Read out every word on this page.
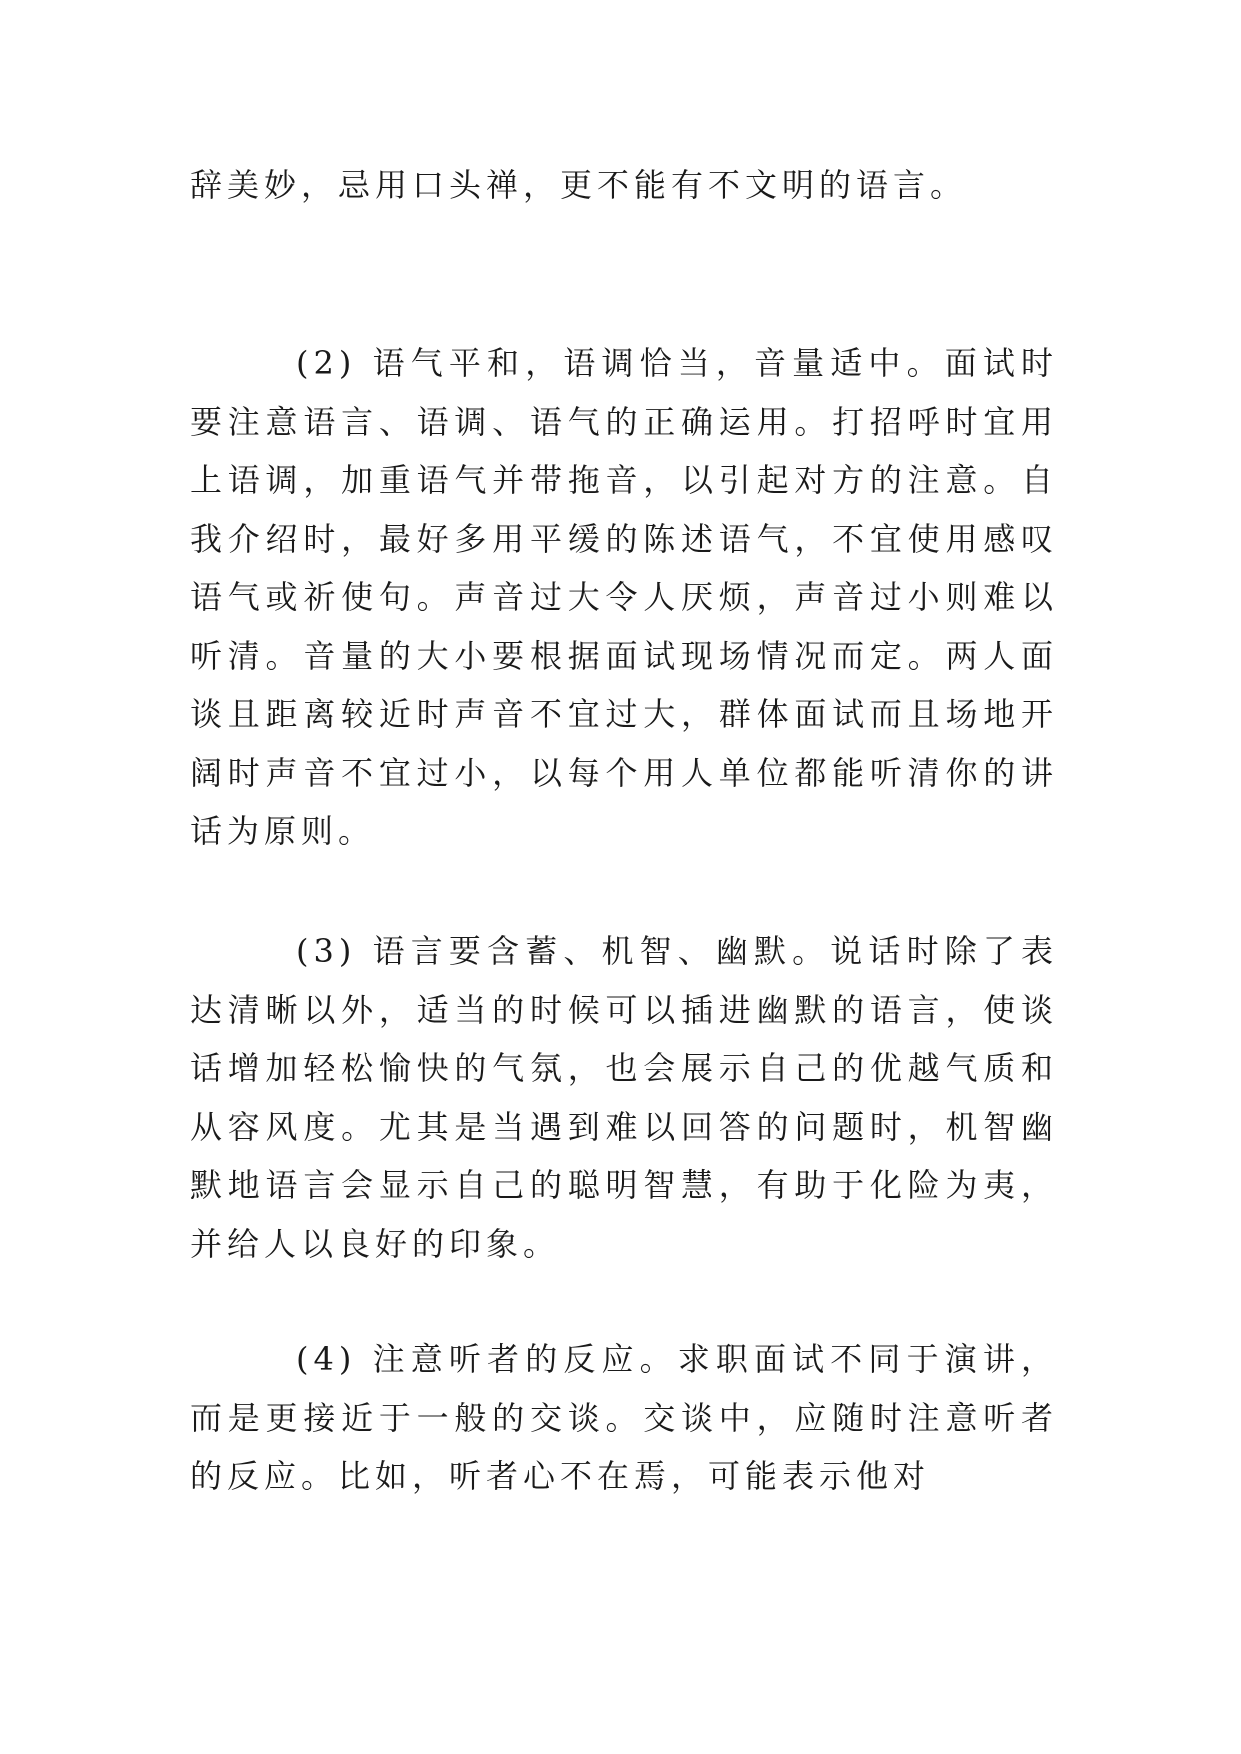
辞美妙，忌用口头禅，更不能有不文明的语言。

(2) 语气平和，语调恰当，音量适中。面试时要注意语言、语调、语气的正确运用。打招呼时宜用上语调，加重语气并带拖音，以引起对方的注意。自我介绍时，最好多用平缓的陈述语气，不宜使用感叹语气或祈使句。声音过大令人厌烦，声音过小则难以听清。音量的大小要根据面试现场情况而定。两人面谈且距离较近时声音不宜过大，群体面试而且场地开阔时声音不宜过小，以每个用人单位都能听清你的讲话为原则。

(3) 语言要含蓄、机智、幽默。说话时除了表达清晰以外，适当的时候可以插进幽默的语言，使谈话增加轻松愉快的气氛，也会展示自己的优越气质和从容风度。尤其是当遇到难以回答的问题时，机智幽默地语言会显示自己的聪明智慧，有助于化险为夷，并给人以良好的印象。

(4) 注意听者的反应。求职面试不同于演讲，而是更接近于一般的交谈。交谈中，应随时注意听者的反应。比如，听者心不在焉，可能表示他对
